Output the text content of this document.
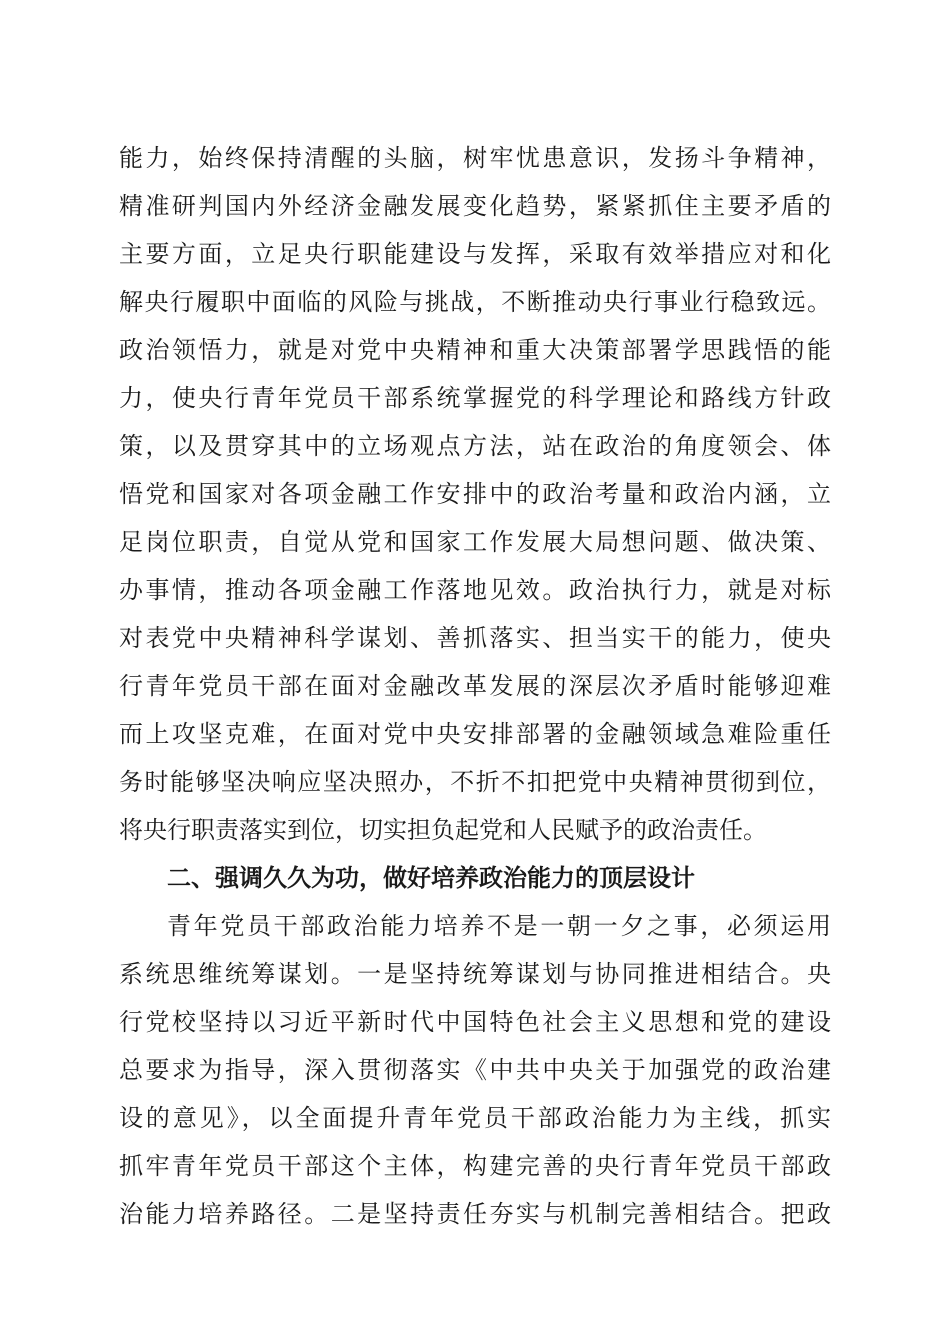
能力，始终保持清醒的头脑，树牢忧患意识，发扬斗争精神，
精准研判国内外经济金融发展变化趋势，紧紧抓住主要矛盾的
主要方面，立足央行职能建设与发挥，采取有效举措应对和化
解央行履职中面临的风险与挑战，不断推动央行事业行稳致远。
政治领悟力，就是对党中央精神和重大决策部署学思践悟的能
力，使央行青年党员干部系统掌握党的科学理论和路线方针政
策，以及贯穿其中的立场观点方法，站在政治的角度领会、体
悟党和国家对各项金融工作安排中的政治考量和政治内涵，立
足岗位职责，自觉从党和国家工作发展大局想问题、做决策、
办事情，推动各项金融工作落地见效。政治执行力，就是对标
对表党中央精神科学谋划、善抓落实、担当实干的能力，使央
行青年党员干部在面对金融改革发展的深层次矛盾时能够迎难
而上攻坚克难，在面对党中央安排部署的金融领域急难险重任
务时能够坚决响应坚决照办，不折不扣把党中央精神贯彻到位，
将央行职责落实到位，切实担负起党和人民赋予的政治责任。
二、强调久久为功，做好培养政治能力的顶层设计
青年党员干部政治能力培养不是一朝一夕之事，必须运用
系统思维统筹谋划。一是坚持统筹谋划与协同推进相结合。央
行党校坚持以习近平新时代中国特色社会主义思想和党的建设
总要求为指导，深入贯彻落实《中共中央关于加强党的政治建
设的意见》，以全面提升青年党员干部政治能力为主线，抓实
抓牢青年党员干部这个主体，构建完善的央行青年党员干部政
治能力培养路径。二是坚持责任夯实与机制完善相结合。把政
